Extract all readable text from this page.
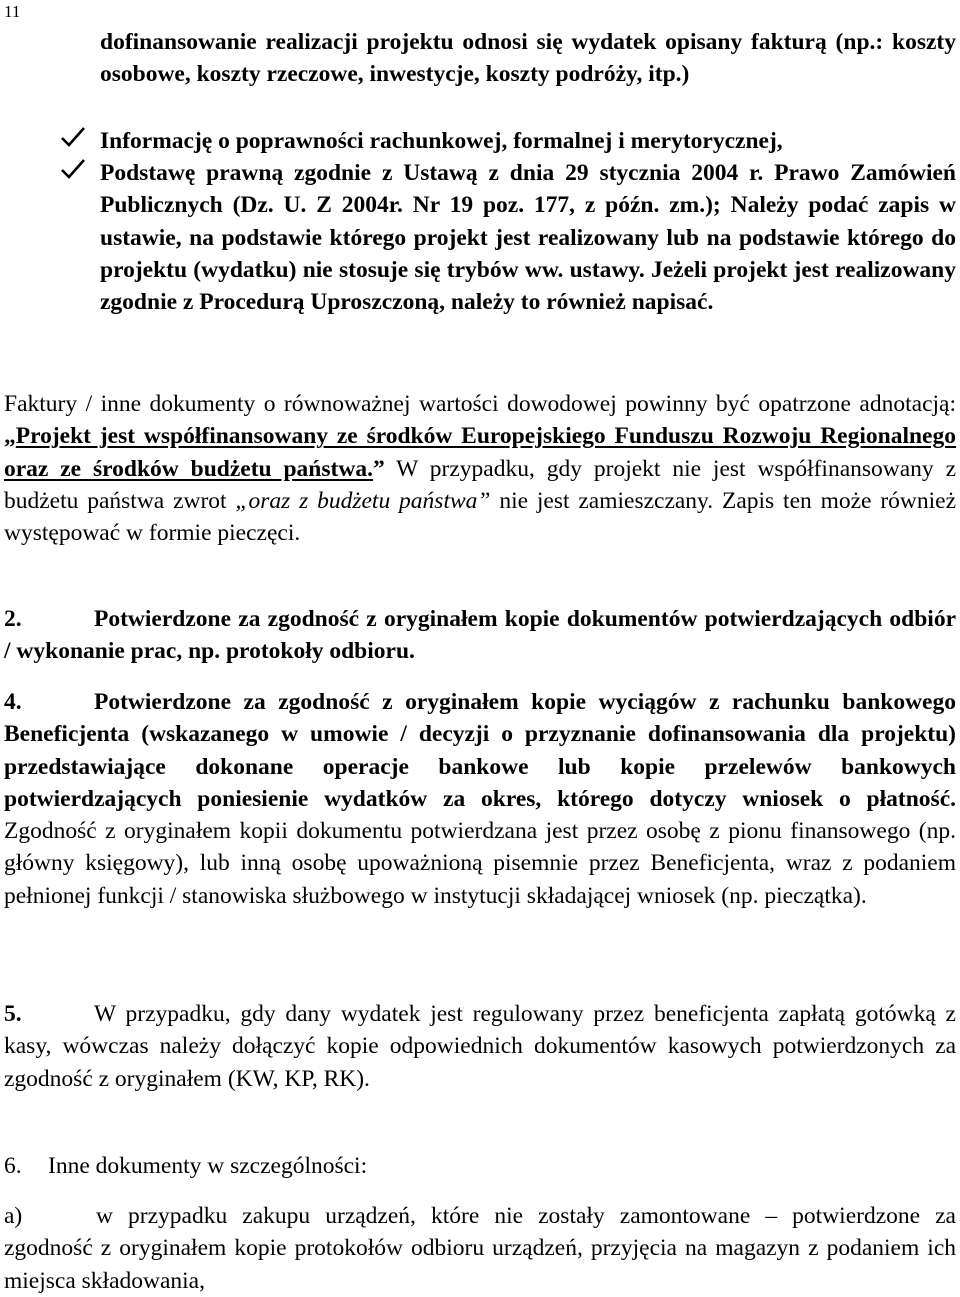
11

dofinansowanie realizacji projektu odnosi się wydatek opisany fakturą (np.: koszty osobowe, koszty rzeczowe, inwestycje, koszty podróży, itp.)

Informację o poprawności rachunkowej, formalnej i merytorycznej,
Podstawę prawną zgodnie z Ustawą z dnia 29 stycznia 2004 r. Prawo Zamówień Publicznych (Dz. U. Z 2004r. Nr 19 poz. 177, z późn. zm.); Należy podać zapis w ustawie, na podstawie którego projekt jest realizowany lub na podstawie którego do projektu (wydatku) nie stosuje się trybów ww. ustawy. Jeżeli projekt jest realizowany zgodnie z Procedurą Uproszczoną, należy to również napisać.

Faktury / inne dokumenty o równoważnej wartości dowodowej powinny być opatrzone adnotacją: „Projekt jest współfinansowany ze środków Europejskiego Funduszu Rozwoju Regionalnego oraz ze środków budżetu państwa.” W przypadku, gdy projekt nie jest współfinansowany z budżetu państwa zwrot „oraz z budżetu państwa” nie jest zamieszczany. Zapis ten może również występować w formie pieczęci.

2.	Potwierdzone za zgodność z oryginałem kopie dokumentów potwierdzających odbiór / wykonanie prac, np. protokoły odbioru.

4.	Potwierdzone za zgodność z oryginałem kopie wyciągów z rachunku bankowego Beneficjenta (wskazanego w umowie / decyzji o przyznanie dofinansowania dla projektu) przedstawiające dokonane operacje bankowe lub kopie przelewów bankowych potwierdzających poniesienie wydatków za okres, którego dotyczy wniosek o płatność. Zgodność z oryginałem kopii dokumentu potwierdzana jest przez osobę z pionu finansowego (np. główny księgowy), lub inną osobę upoważnioną pisemnie przez Beneficjenta, wraz z podaniem pełnionej funkcji / stanowiska służbowego w instytucji składającej wniosek (np. pieczątka).

5.	W przypadku, gdy dany wydatek jest regulowany przez beneficjenta zapłatą gotówką z kasy, wówczas należy dołączyć kopie odpowiednich dokumentów kasowych potwierdzonych za zgodność z oryginałem (KW, KP, RK).

6. Inne dokumenty w szczególności:

a)	w przypadku zakupu urządzeń, które nie zostały zamontowane – potwierdzone za zgodność z oryginałem kopie protokołów odbioru urządzeń, przyjęcia na magazyn z podaniem ich miejsca składowania,
